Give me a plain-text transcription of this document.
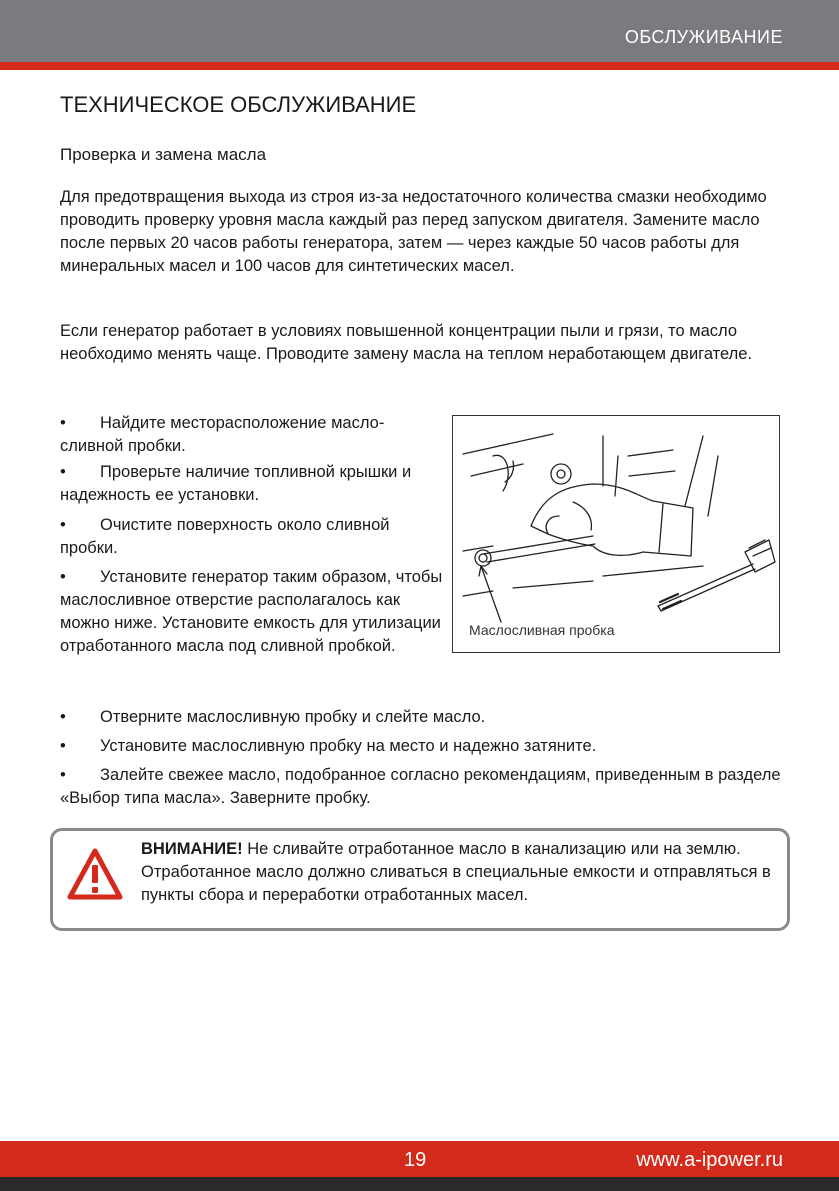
ОБСЛУЖИВАНИЕ
ТЕХНИЧЕСКОЕ ОБСЛУЖИВАНИЕ
Проверка и замена масла

Для предотвращения выхода из строя из-за недостаточного количества смазки необходимо проводить проверку уровня масла каждый раз перед запуском двигателя. Замените масло после первых 20 часов работы генератора, затем — через каждые 50 часов работы для минеральных масел и 100 часов для синтетических масел.

Если генератор работает в условиях повышенной концентрации пыли и грязи, то масло необходимо менять чаще. Проводите замену масла на теплом неработающем двигателе.

• Найдите месторасположение масло-сливной пробки.

• Проверьте наличие топливной крышки и надежность ее установки.

• Очистите поверхность около сливной пробки.

• Установите генератор таким образом, чтобы маслосливное отверстие располагалось как можно ниже. Установите емкость для утилизации отработанного масла под сливной пробкой.

• Отверните маслосливную пробку и слейте масло.

• Установите маслосливную пробку на место и надежно затяните.

• Залейте свежее масло, подобранное согласно рекомендациям, приведенным в разделе «Выбор типа масла». Заверните пробку.

Маслосливная пробка

ВНИМАНИЕ! Не сливайте отработанное масло в канализацию или на землю. Отработанное масло должно сливаться в специальные емкости и отправляться в пункты сбора и переработки отработанных масел.

19	www.a-ipower.ru
